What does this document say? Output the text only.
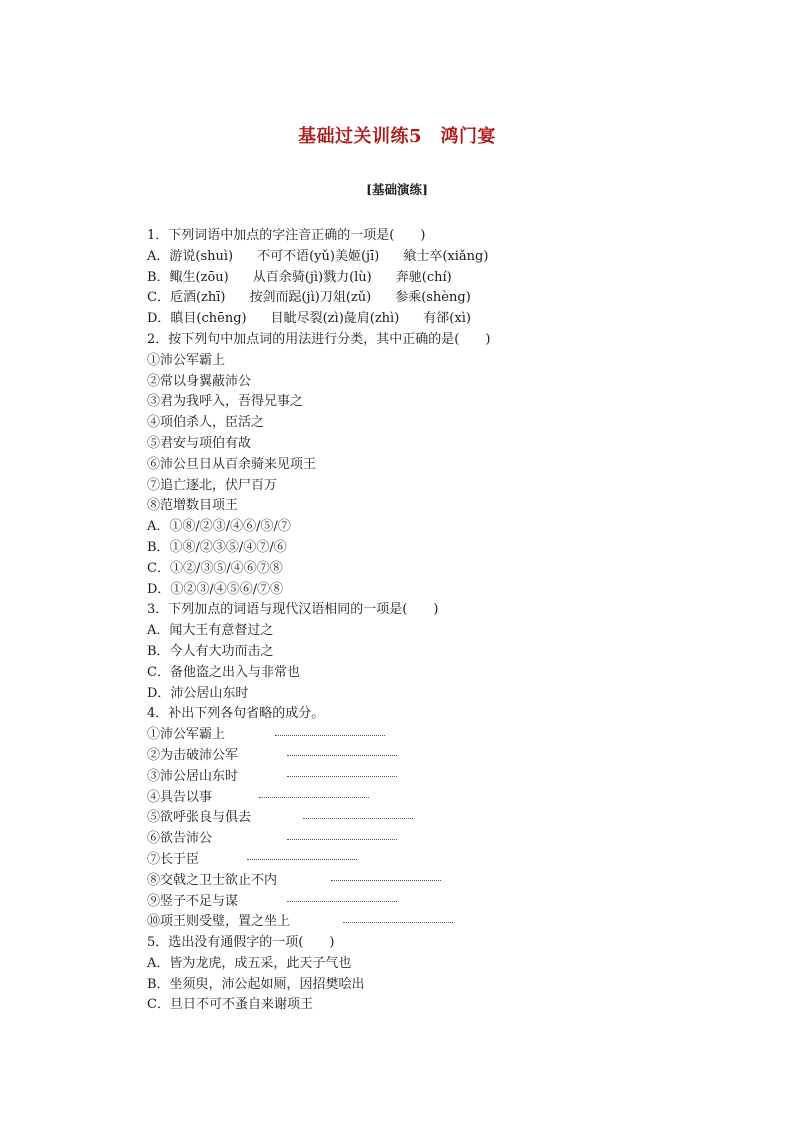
基础过关训练5　鸿门宴
[基础演练]
1．下列词语中加点的字注音正确的一项是(　　)
A．游说(shuì) 不可不语(yǔ)美姬(jī) 飨士卒(xiǎng)
B．鲰生(zōu) 从百余骑(jì)戮力(lù) 奔驰(chí)
C．卮酒(zhī) 按剑而跽(jì)刀俎(zǔ) 参乘(shèng)
D．瞋目(chēng) 目眦尽裂(zì)彘肩(zhì) 有郤(xì)
2．按下列句中加点词的用法进行分类，其中正确的是(　　)
①沛公军霸上
②常以身翼蔽沛公
③君为我呼入，吾得兄事之
④项伯杀人，臣活之
⑤君安与项伯有故
⑥沛公旦日从百余骑来见项王
⑦追亡逐北，伏尸百万
⑧范增数目项王
A．①⑧/②③/④⑥/⑤/⑦
B．①⑧/②③⑤/④⑦/⑥
C．①②/③⑤/④⑥⑦⑧
D．①②③/④⑤⑥/⑦⑧
3．下列加点的词语与现代汉语相同的一项是(　　)
A．闻大王有意督过之
B．今人有大功而击之
C．备他盗之出入与非常也
D．沛公居山东时
4．补出下列各句省略的成分。
①沛公军霸上
②为击破沛公军
③沛公居山东时
④具告以事
⑤欲呼张良与俱去
⑥欲告沛公
⑦长于臣
⑧交戟之卫士欲止不内
⑨竖子不足与谋
⑩项王则受璧，置之坐上
5．选出没有通假字的一项(　　)
A．皆为龙虎，成五采，此天子气也
B．坐须臾，沛公起如厕，因招樊哙出
C．旦日不可不蚤自来谢项王
